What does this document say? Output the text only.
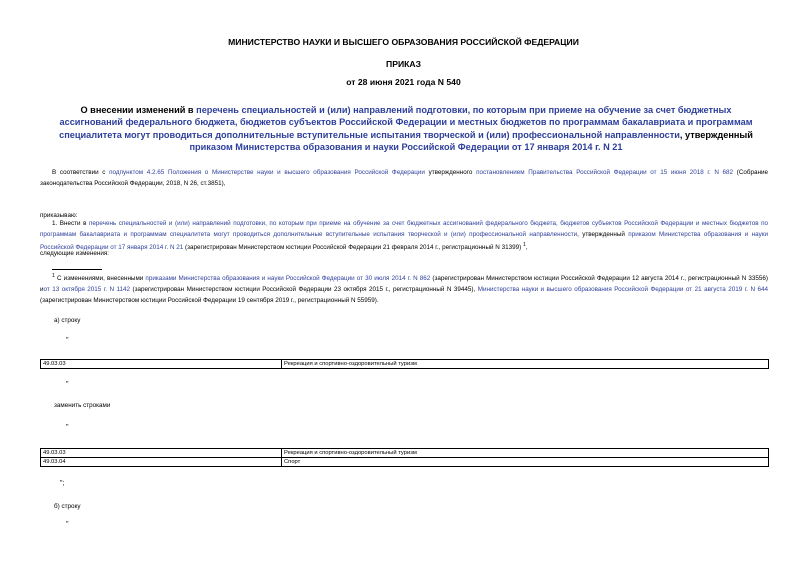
МИНИСТЕРСТВО НАУКИ И ВЫСШЕГО ОБРАЗОВАНИЯ РОССИЙСКОЙ ФЕДЕРАЦИИ
ПРИКАЗ
от 28 июня 2021 года N 540
О внесении изменений в перечень специальностей и (или) направлений подготовки, по которым при приеме на обучение за счет бюджетных ассигнований федерального бюджета, бюджетов субъектов Российской Федерации и местных бюджетов по программам бакалавриата и программам специалитета могут проводиться дополнительные вступительные испытания творческой и (или) профессиональной направленности, утвержденный приказом Министерства образования и науки Российской Федерации от 17 января 2014 г. N 21
В соответствии с подпунктом 4.2.65 Положения о Министерстве науки и высшего образования Российской Федерации утвержденного постановлением Правительства Российской Федерации от 15 июня 2018 г. N 682 (Собрание законодательства Российской Федерации, 2018, N 26, ст.3851),
приказываю:
1. Внести в перечень специальностей и (или) направлений подготовки, по которым при приеме на обучение за счет бюджетных ассигнований федерального бюджета, бюджетов субъектов Российской Федерации и местных бюджетов по программам бакалавриата и программам специалитета могут проводиться дополнительные вступительные испытания творческой и (или) профессиональной направленности, утвержденный приказом Министерства образования и науки Российской Федерации от 17 января 2014 г. N 21 (зарегистрирован Министерством юстиции Российской Федерации 21 февраля 2014 г., регистрационный N 31399) $^1$,
следующие изменения:
$^1$ С изменениями, внесенными приказами Министерства образования и науки Российской Федерации от 30 июля 2014 г. N 862 (зарегистрирован Министерством юстиции Российской Федерации 12 августа 2014 г., регистрационный N 33556) иот 13 октября 2015 г. N 1142 (зарегистрирован Министерством юстиции Российской Федерации 23 октября 2015 г., регистрационный N 39445), Министерства науки и высшего образования Российской Федерации от 21 августа 2019 г. N 644 (зарегистрирован Министерством юстиции Российской Федерации 19 сентября 2019 г., регистрационный N 55959).
а) строку
"
49.03.03	Рекреация и спортивно-оздоровительный туризм
"
заменить строками
"
49.03.03	Рекреация и спортивно-оздоровительный туризм
49.03.04	Спорт
";
б) строку
"
